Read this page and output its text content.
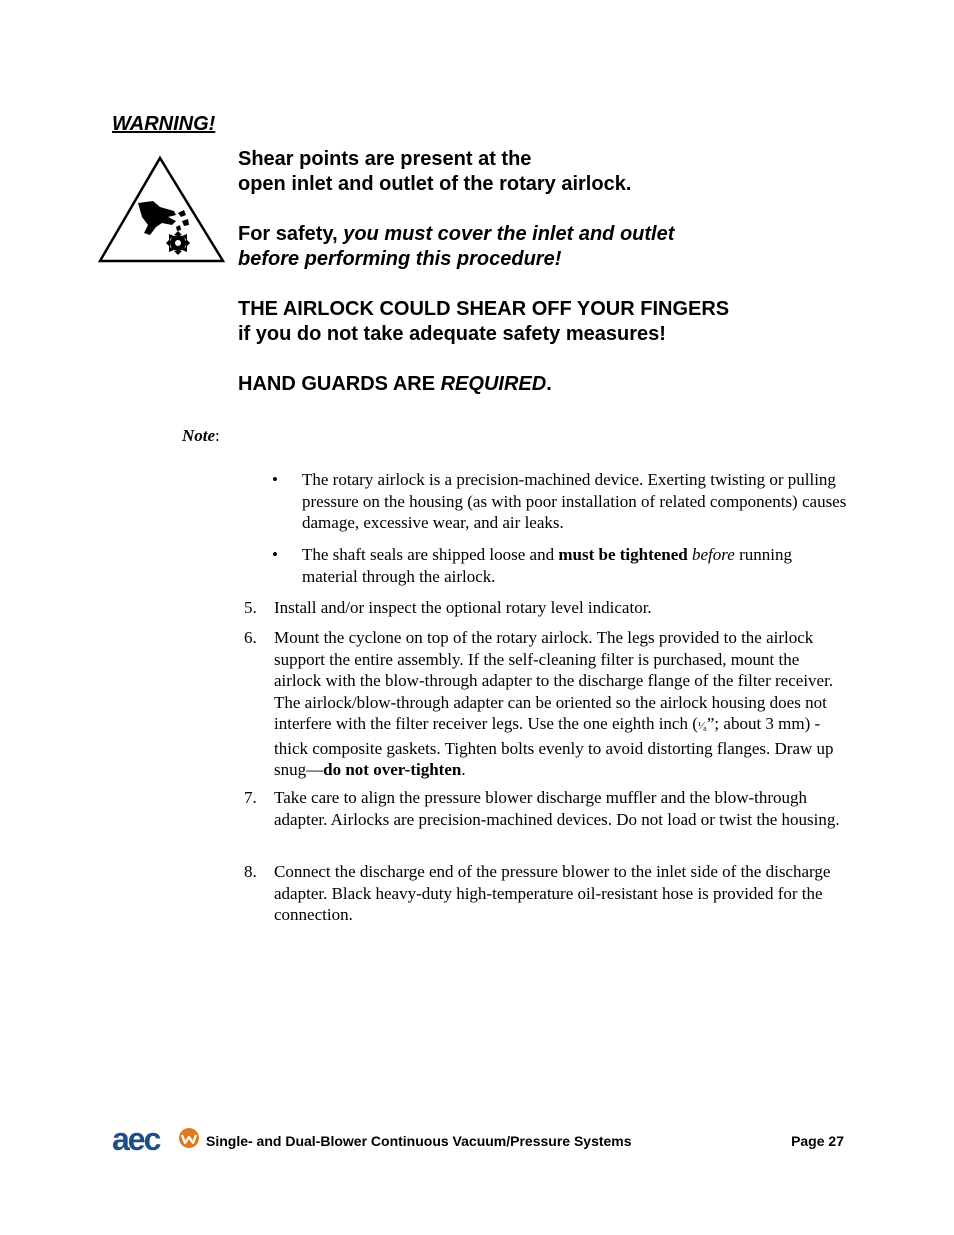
WARNING!
Shear points are present at the
open inlet and outlet of the rotary airlock.
For safety, you must cover the inlet and outlet
before performing this procedure!
THE AIRLOCK COULD SHEAR OFF YOUR FINGERS
if you do not take adequate safety measures!
HAND GUARDS ARE REQUIRED.
Note:
• The rotary airlock is a precision-machined device. Exerting twisting or pulling pressure on the housing (as with poor installation of related components) causes damage, excessive wear, and air leaks.
• The shaft seals are shipped loose and must be tightened before running material through the airlock.
5. Install and/or inspect the optional rotary level indicator.
6. Mount the cyclone on top of the rotary airlock. The legs provided to the airlock support the entire assembly. If the self-cleaning filter is purchased, mount the airlock with the blow-through adapter to the discharge flange of the filter receiver. The airlock/blow-through adapter can be oriented so the airlock housing does not interfere with the filter receiver legs. Use the one eighth inch (¹⁄₈”; about 3 mm) -thick composite gaskets. Tighten bolts evenly to avoid distorting flanges. Draw up snug—do not over-tighten.
7. Take care to align the pressure blower discharge muffler and the blow-through adapter. Airlocks are precision-machined devices. Do not load or twist the housing.
8. Connect the discharge end of the pressure blower to the inlet side of the discharge adapter. Black heavy-duty high-temperature oil-resistant hose is provided for the connection.
aec	Single- and Dual-Blower Continuous Vacuum/Pressure Systems	Page 27
